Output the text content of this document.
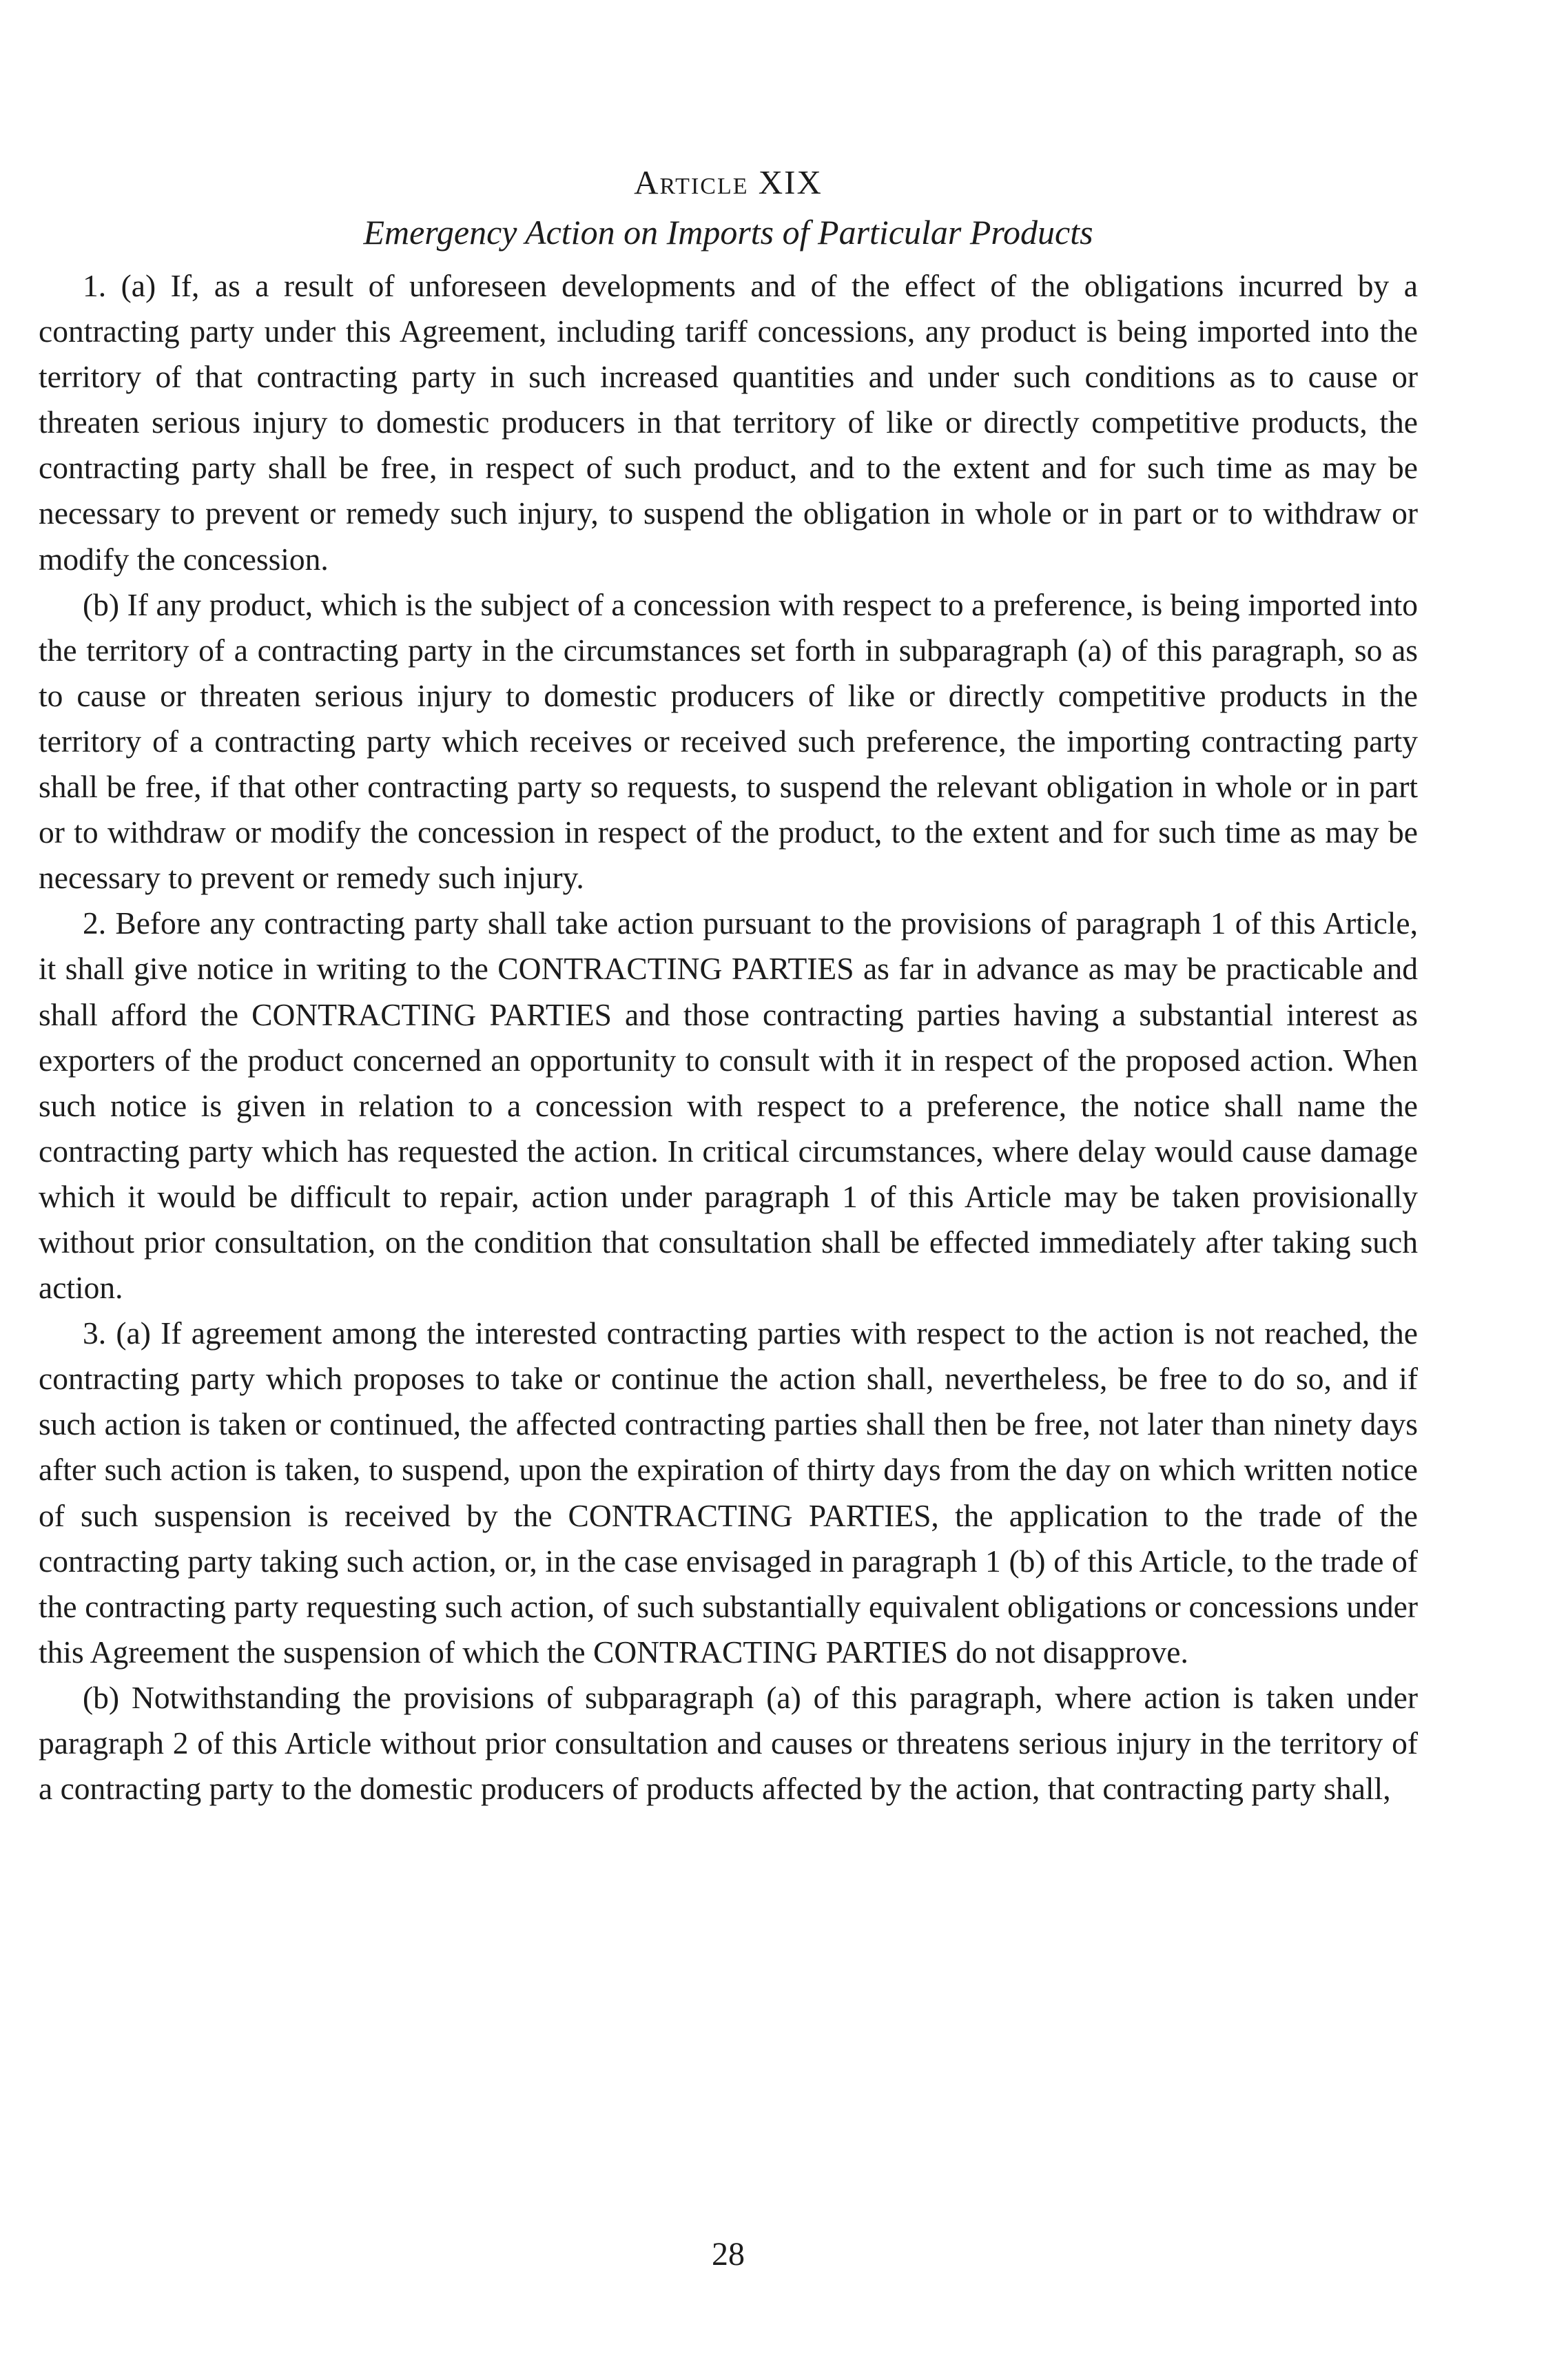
Article XIX
Emergency Action on Imports of Particular Products

1. (a) If, as a result of unforeseen developments and of the effect of the obligations incurred by a contracting party under this Agreement, including tariff concessions, any product is being imported into the territory of that contracting party in such increased quantities and under such conditions as to cause or threaten serious injury to domestic producers in that territory of like or directly competitive products, the contracting party shall be free, in respect of such product, and to the extent and for such time as may be necessary to prevent or remedy such injury, to suspend the obligation in whole or in part or to withdraw or modify the concession.

(b) If any product, which is the subject of a concession with respect to a preference, is being imported into the territory of a contracting party in the circumstances set forth in subparagraph (a) of this paragraph, so as to cause or threaten serious injury to domestic producers of like or directly competitive products in the territory of a contracting party which receives or received such preference, the importing contracting party shall be free, if that other contracting party so requests, to suspend the relevant obligation in whole or in part or to withdraw or modify the concession in respect of the product, to the extent and for such time as may be necessary to prevent or remedy such injury.

2. Before any contracting party shall take action pursuant to the provisions of paragraph 1 of this Article, it shall give notice in writing to the CONTRACTING PARTIES as far in advance as may be practicable and shall afford the CONTRACTING PARTIES and those contracting parties having a substantial interest as exporters of the product concerned an opportunity to consult with it in respect of the proposed action. When such notice is given in relation to a concession with respect to a preference, the notice shall name the contracting party which has requested the action. In critical circumstances, where delay would cause damage which it would be difficult to repair, action under paragraph 1 of this Article may be taken provisionally without prior consultation, on the condition that consultation shall be effected immediately after taking such action.

3. (a) If agreement among the interested contracting parties with respect to the action is not reached, the contracting party which proposes to take or continue the action shall, nevertheless, be free to do so, and if such action is taken or continued, the affected contracting parties shall then be free, not later than ninety days after such action is taken, to suspend, upon the expiration of thirty days from the day on which written notice of such suspension is received by the CONTRACTING PARTIES, the application to the trade of the contracting party taking such action, or, in the case envisaged in paragraph 1 (b) of this Article, to the trade of the contracting party requesting such action, of such substantially equivalent obligations or concessions under this Agreement the suspension of which the CONTRACTING PARTIES do not disapprove.

(b) Notwithstanding the provisions of subparagraph (a) of this paragraph, where action is taken under paragraph 2 of this Article without prior consultation and causes or threatens serious injury in the territory of a contracting party to the domestic producers of products affected by the action, that contracting party shall,

28
